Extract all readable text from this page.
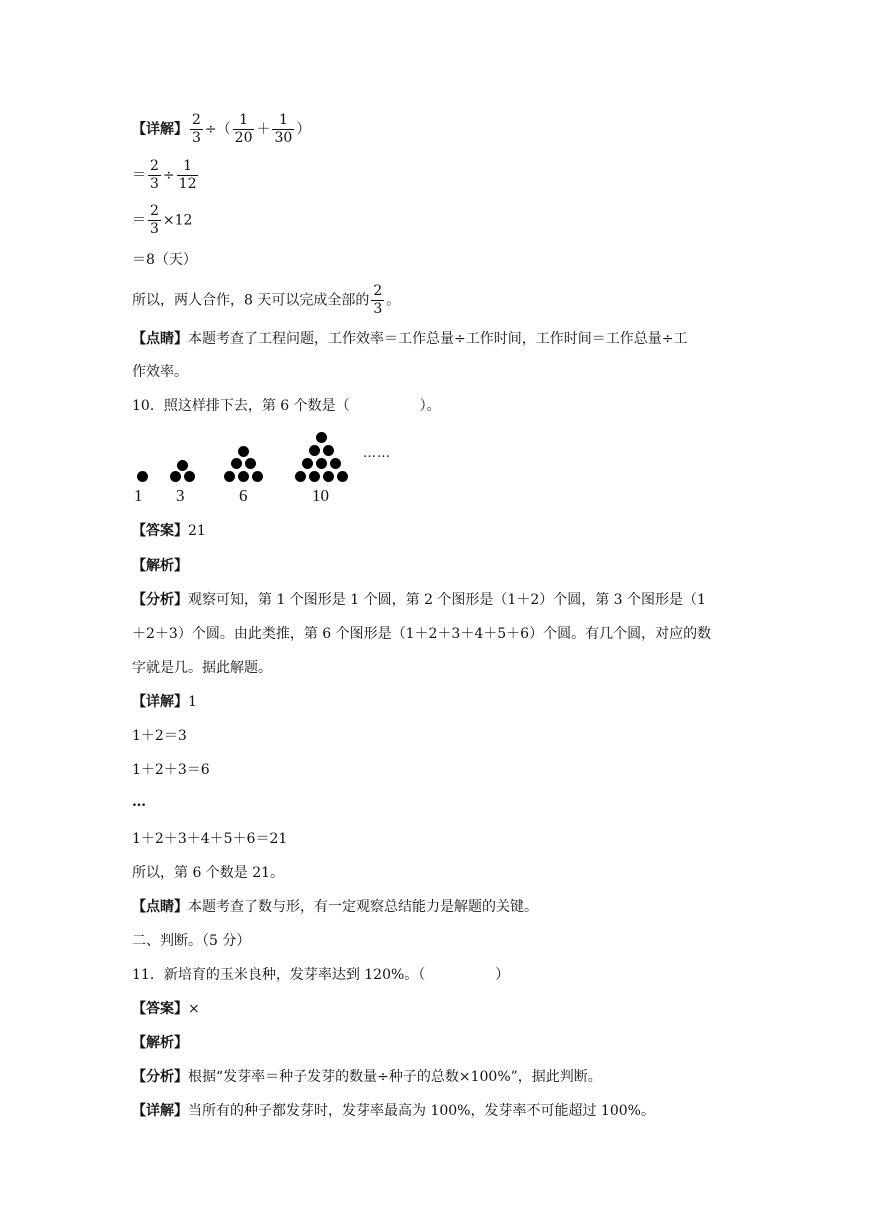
【详解】 $\frac{2}{3}$ ÷（ $\frac{1}{20} + \frac{1}{30}$ ）
＝ $\frac{2}{3} \div \frac{1}{12}$
＝ $\frac{2}{3} \times 12$
＝8（天）
所以，两人合作，8 天可以完成全部的 $\frac{2}{3}$ 。
【点睛】本题考查了工程问题，工作效率＝工作总量÷工作时间，工作时间＝工作总量÷工
作效率。
10．照这样排下去，第 6 个数是（	）。
1 3	6	10
……
【答案】21
【解析】
【分析】观察可知，第 1 个图形是 1 个圆，第 2 个图形是（1＋2）个圆，第 3 个图形是（1
＋2＋3）个圆。由此类推，第 6 个图形是（1＋2＋3＋4＋5＋6）个圆。有几个圆，对应的数
字就是几。据此解题。
【详解】1
1＋2＝3
1＋2＋3＝6
…
1＋2＋3＋4＋5＋6＝21
所以，第 6 个数是 21。
【点睛】本题考查了数与形，有一定观察总结能力是解题的关键。
二、判断。（5 分）
11．新培育的玉米良种，发芽率达到 120%。（	）
【答案】×
【解析】
【分析】根据“发芽率＝种子发芽的数量÷种子的总数×100%”，据此判断。
【详解】当所有的种子都发芽时，发芽率最高为 100%，发芽率不可能超过 100%。
